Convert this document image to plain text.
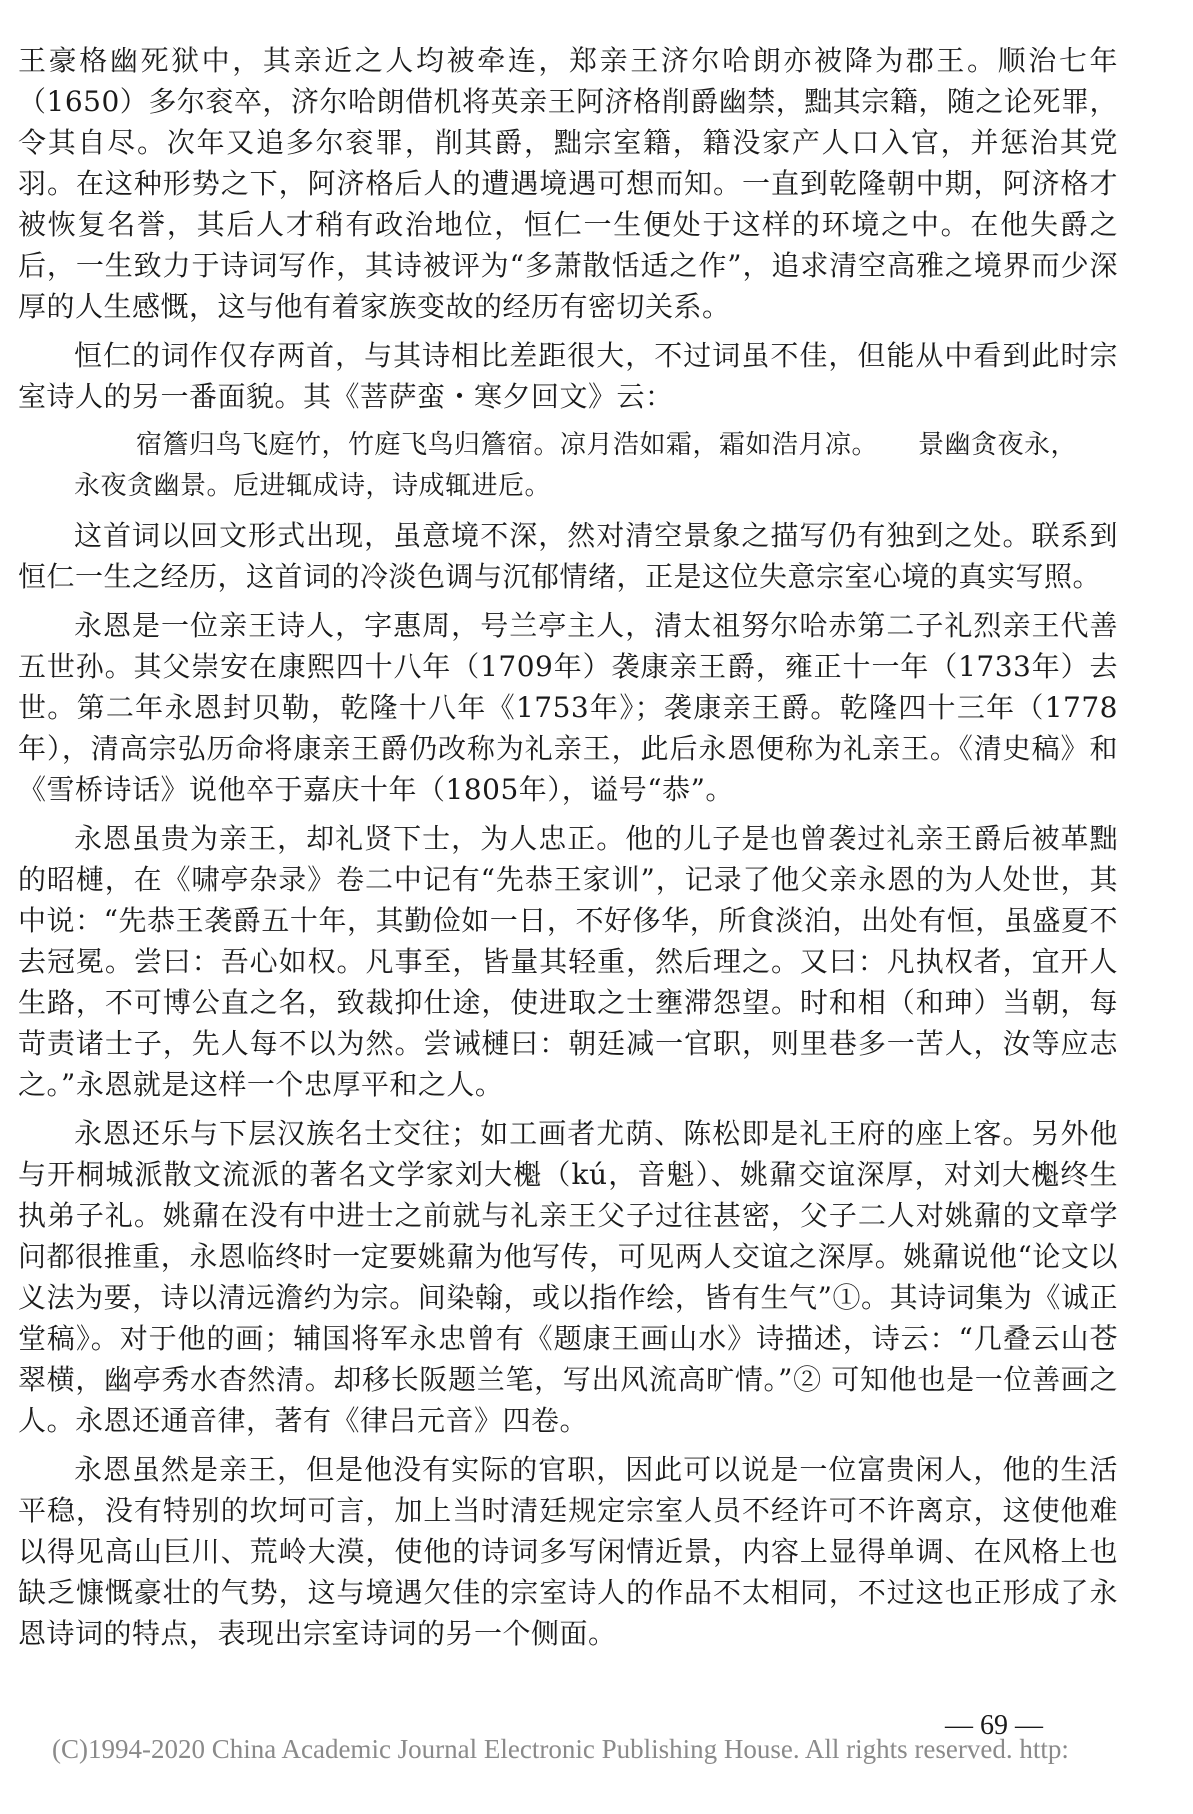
王豪格幽死狱中，其亲近之人均被牵连，郑亲王济尔哈朗亦被降为郡王。顺治七年（1650）多尔衮卒，济尔哈朗借机将英亲王阿济格削爵幽禁，黜其宗籍，随之论死罪，令其自尽。次年又追多尔衮罪，削其爵，黜宗室籍，籍没家产人口入官，并惩治其党羽。在这种形势之下，阿济格后人的遭遇境遇可想而知。一直到乾隆朝中期，阿济格才被恢复名誉，其后人才稍有政治地位，恒仁一生便处于这样的环境之中。在他失爵之后，一生致力于诗词写作，其诗被评为“多萧散恬适之作”，追求清空高雅之境界而少深厚的人生感慨，这与他有着家族变故的经历有密切关系。

恒仁的词作仅存两首，与其诗相比差距很大，不过词虽不佳，但能从中看到此时宗室诗人的另一番面貌。其《菩萨蛮・寒夕回文》云：

宿簷归鸟飞庭竹，竹庭飞鸟归簷宿。凉月浩如霜，霜如浩月凉。　　景幽贪夜永，

永夜贪幽景。卮进辄成诗，诗成辄进卮。

这首词以回文形式出现，虽意境不深，然对清空景象之描写仍有独到之处。联系到恒仁一生之经历，这首词的冷淡色调与沉郁情绪，正是这位失意宗室心境的真实写照。

永恩是一位亲王诗人，字惠周，号兰亭主人，清太祖努尔哈赤第二子礼烈亲王代善五世孙。其父崇安在康熙四十八年（1709年）袭康亲王爵，雍正十一年（1733年）去世。第二年永恩封贝勒，乾隆十八年《1753年》；袭康亲王爵。乾隆四十三年（1778年），清高宗弘历命将康亲王爵仍改称为礼亲王，此后永恩便称为礼亲王。《清史稿》和《雪桥诗话》说他卒于嘉庆十年（1805年），谥号“恭”。

永恩虽贵为亲王，却礼贤下士，为人忠正。他的儿子是也曾袭过礼亲王爵后被革黜的昭槤，在《啸亭杂录》卷二中记有“先恭王家训”，记录了他父亲永恩的为人处世，其中说：“先恭王袭爵五十年，其勤俭如一日，不好侈华，所食淡泊，出处有恒，虽盛夏不去冠冕。尝曰：吾心如权。凡事至，皆量其轻重，然后理之。又曰：凡执权者，宜开人生路，不可博公直之名，致裁抑仕途，使进取之士壅滞怨望。时和相（和珅）当朝，每苛责诸士子，先人每不以为然。尝诫槤曰：朝廷减一官职，则里巷多一苦人，汝等应志之。”永恩就是这样一个忠厚平和之人。

永恩还乐与下层汉族名士交往；如工画者尤荫、陈松即是礼王府的座上客。另外他与开桐城派散文流派的著名文学家刘大櫆（kú，音魁）、姚鼐交谊深厚，对刘大櫆终生执弟子礼。姚鼐在没有中进士之前就与礼亲王父子过往甚密，父子二人对姚鼐的文章学问都很推重，永恩临终时一定要姚鼐为他写传，可见两人交谊之深厚。姚鼐说他“论文以义法为要，诗以清远澹约为宗。间染翰，或以指作绘，皆有生气”①。其诗词集为《诚正堂稿》。对于他的画；辅国将军永忠曾有《题康王画山水》诗描述，诗云：“几叠云山苍翠横，幽亭秀水杳然清。却移长阪题兰笔，写出风流高旷情。”② 可知他也是一位善画之人。永恩还通音律，著有《律吕元音》四卷。

永恩虽然是亲王，但是他没有实际的官职，因此可以说是一位富贵闲人，他的生活平稳，没有特别的坎坷可言，加上当时清廷规定宗室人员不经许可不许离京，这使他难以得见高山巨川、荒岭大漠，使他的诗词多写闲情近景，内容上显得单调、在风格上也缺乏慷慨豪壮的气势，这与境遇欠佳的宗室诗人的作品不太相同，不过这也正形成了永恩诗词的特点，表现出宗室诗词的另一个侧面。

— 69 —
(C)1994-2020 China Academic Journal Electronic Publishing House. All rights reserved. http:
